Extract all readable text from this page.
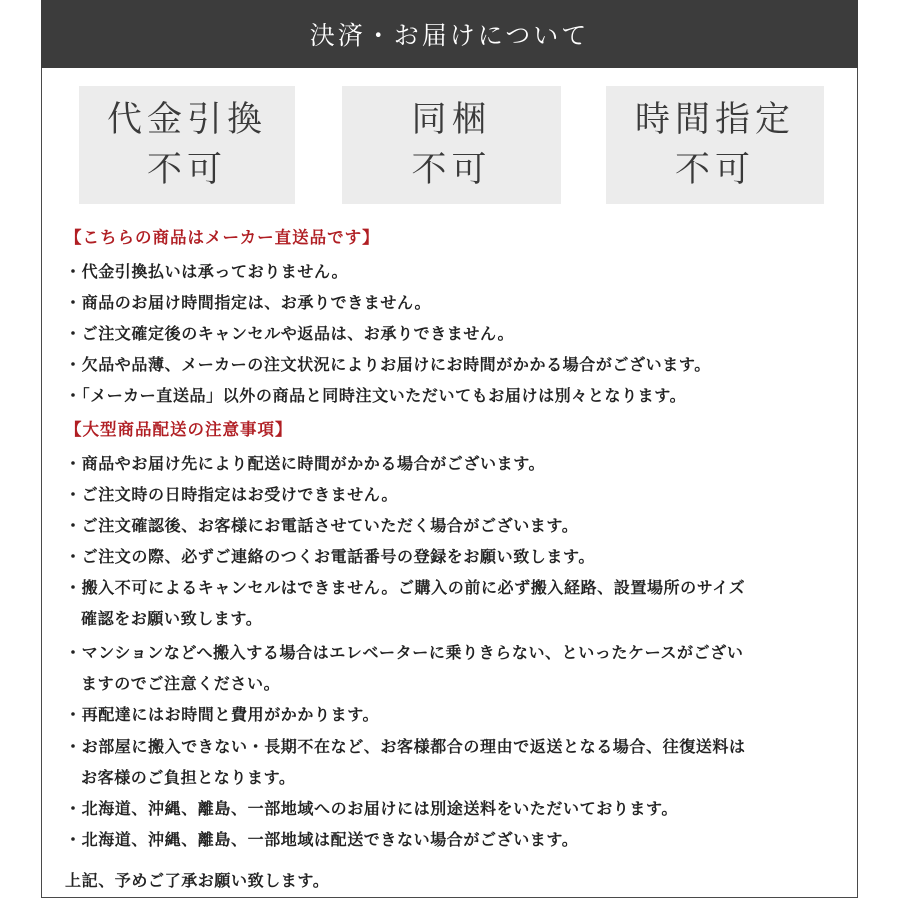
決済・お届けについて
代金引換
不可
同梱
不可
時間指定
不可
【こちらの商品はメーカー直送品です】
・代金引換払いは承っておりません。
・商品のお届け時間指定は、お承りできません。
・ご注文確定後のキャンセルや返品は、お承りできません。
・欠品や品薄、メーカーの注文状況によりお届けにお時間がかかる場合がございます。
・「メーカー直送品」以外の商品と同時注文いただいてもお届けは別々となります。
【大型商品配送の注意事項】
・商品やお届け先により配送に時間がかかる場合がございます。
・ご注文時の日時指定はお受けできません。
・ご注文確認後、お客様にお電話させていただく場合がございます。
・ご注文の際、必ずご連絡のつくお電話番号の登録をお願い致します。
・搬入不可によるキャンセルはできません。ご購入の前に必ず搬入経路、設置場所のサイズ
確認をお願い致します。
・マンションなどへ搬入する場合はエレベーターに乗りきらない、といったケースがござい
ますのでご注意ください。
・再配達にはお時間と費用がかかります。
・お部屋に搬入できない・長期不在など、お客様都合の理由で返送となる場合、往復送料は
お客様のご負担となります。
・北海道、沖縄、離島、一部地域へのお届けには別途送料をいただいております。
・北海道、沖縄、離島、一部地域は配送できない場合がございます。
上記、予めご了承お願い致します。
